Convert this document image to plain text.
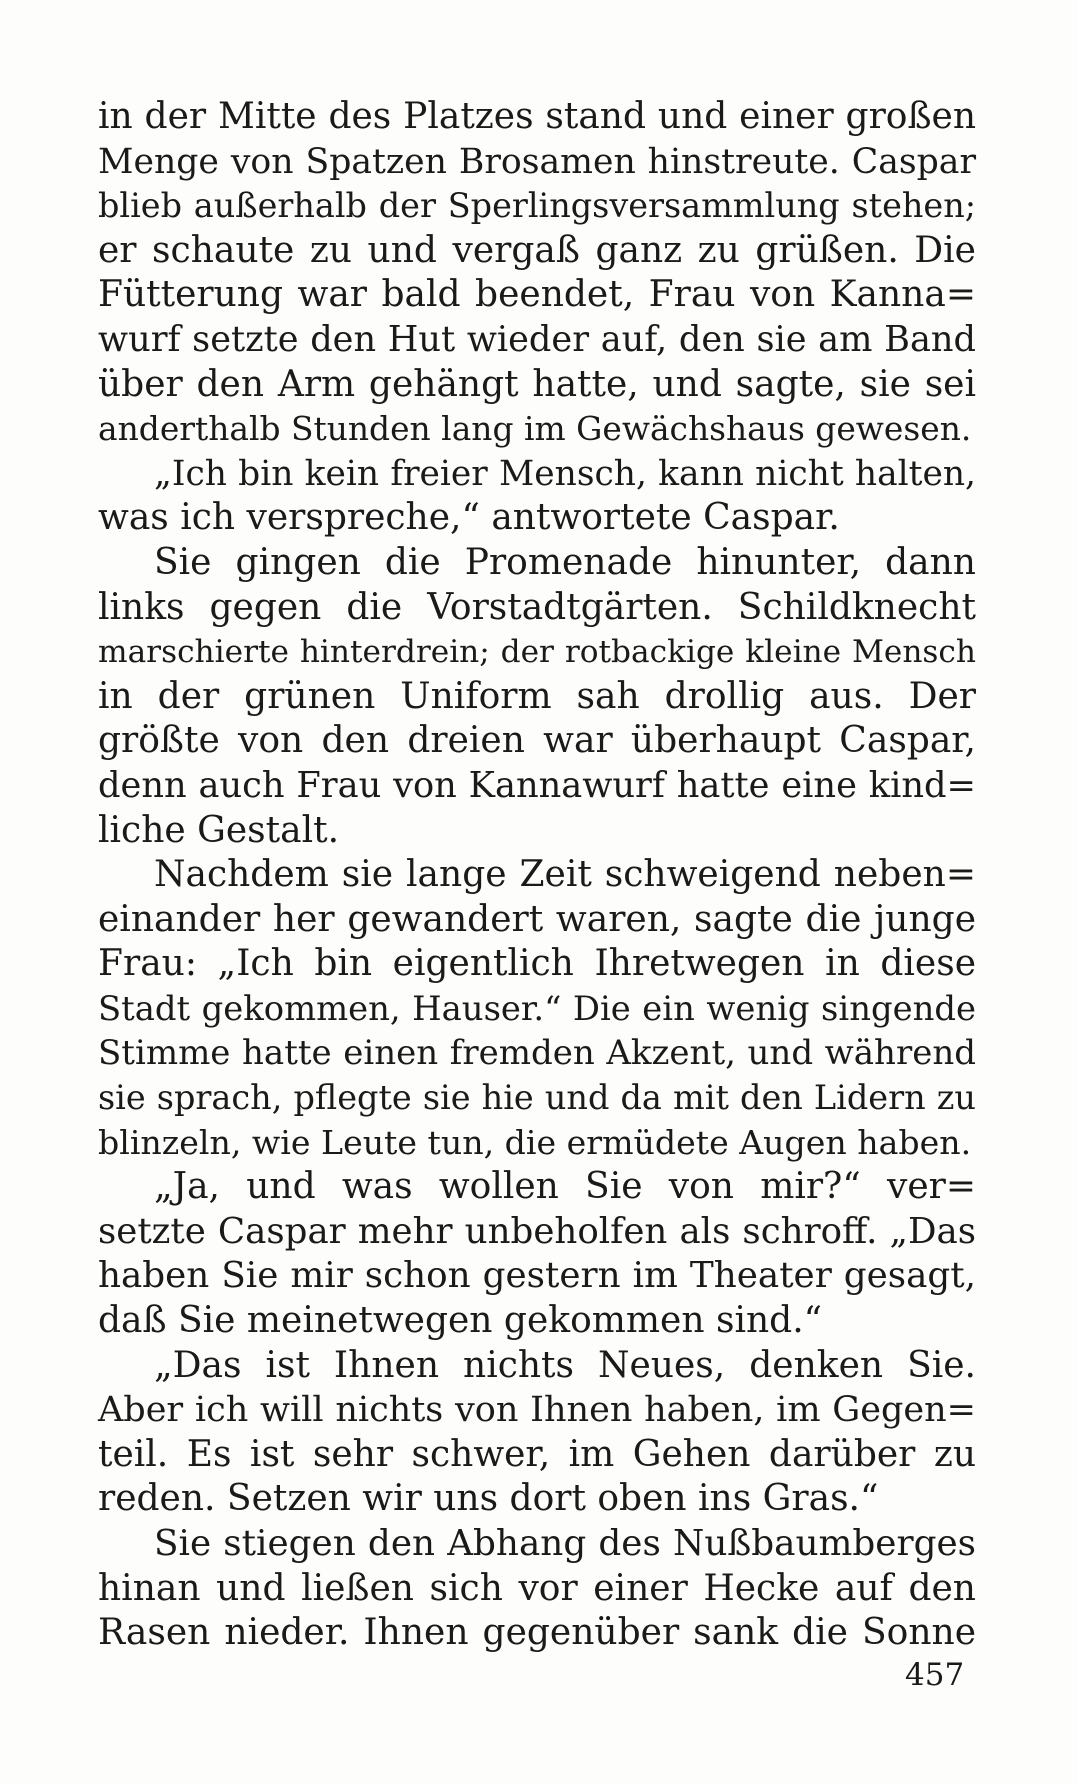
in der Mitte des Platzes stand und einer großen
Menge von Spatzen Brosamen hinstreute. Caspar
blieb außerhalb der Sperlingsversammlung stehen;
er schaute zu und vergaß ganz zu grüßen. Die
Fütterung war bald beendet, Frau von Kanna=
wurf setzte den Hut wieder auf, den sie am Band
über den Arm gehängt hatte, und sagte, sie sei
anderthalb Stunden lang im Gewächshaus gewesen.
„Ich bin kein freier Mensch, kann nicht halten,
was ich verspreche,“ antwortete Caspar.
Sie gingen die Promenade hinunter, dann
links gegen die Vorstadtgärten. Schildknecht
marschierte hinterdrein; der rotbackige kleine Mensch
in der grünen Uniform sah drollig aus. Der
größte von den dreien war überhaupt Caspar,
denn auch Frau von Kannawurf hatte eine kind=
liche Gestalt.
Nachdem sie lange Zeit schweigend neben=
einander her gewandert waren, sagte die junge
Frau: „Ich bin eigentlich Ihretwegen in diese
Stadt gekommen, Hauser.“ Die ein wenig singende
Stimme hatte einen fremden Akzent, und während
sie sprach, pflegte sie hie und da mit den Lidern zu
blinzeln, wie Leute tun, die ermüdete Augen haben.
„Ja, und was wollen Sie von mir?“ ver=
setzte Caspar mehr unbeholfen als schroff. „Das
haben Sie mir schon gestern im Theater gesagt,
daß Sie meinetwegen gekommen sind.“
„Das ist Ihnen nichts Neues, denken Sie.
Aber ich will nichts von Ihnen haben, im Gegen=
teil. Es ist sehr schwer, im Gehen darüber zu
reden. Setzen wir uns dort oben ins Gras.“
Sie stiegen den Abhang des Nußbaumberges
hinan und ließen sich vor einer Hecke auf den
Rasen nieder. Ihnen gegenüber sank die Sonne
457
